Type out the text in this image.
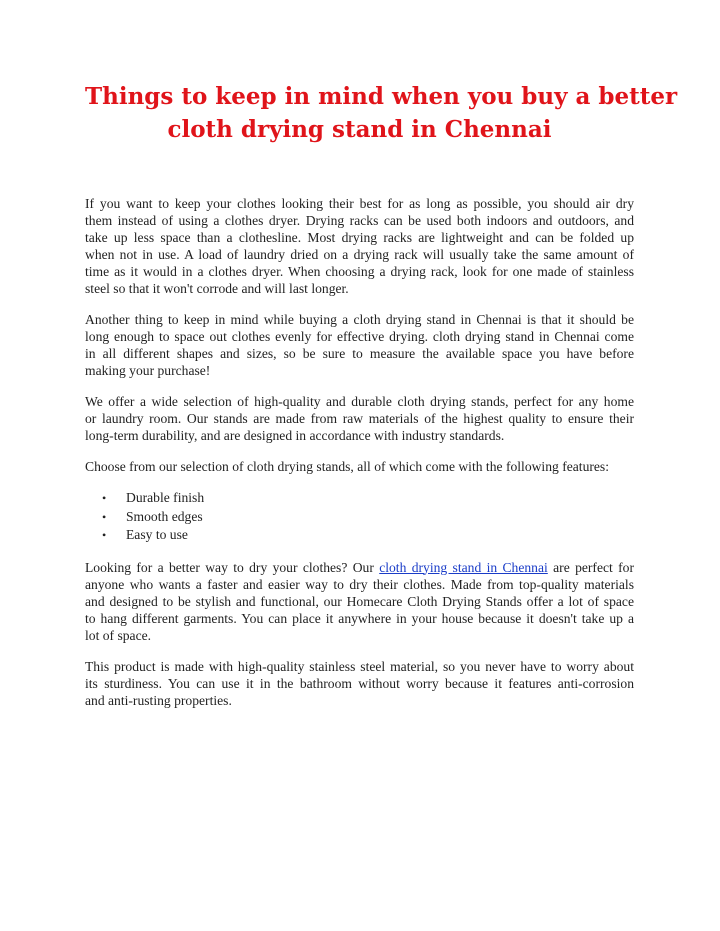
Things to keep in mind when you buy a better
cloth drying stand in Chennai

If you want to keep your clothes looking their best for as long as possible, you should air dry
them instead of using a clothes dryer. Drying racks can be used both indoors and outdoors, and
take up less space than a clothesline. Most drying racks are lightweight and can be folded up
when not in use. A load of laundry dried on a drying rack will usually take the same amount of
time as it would in a clothes dryer. When choosing a drying rack, look for one made of stainless
steel so that it won't corrode and will last longer.

Another thing to keep in mind while buying a cloth drying stand in Chennai is that it should be
long enough to space out clothes evenly for effective drying. cloth drying stand in Chennai come
in all different shapes and sizes, so be sure to measure the available space you have before
making your purchase!

We offer a wide selection of high-quality and durable cloth drying stands, perfect for any home
or laundry room. Our stands are made from raw materials of the highest quality to ensure their
long-term durability, and are designed in accordance with industry standards.

Choose from our selection of cloth drying stands, all of which come with the following features:

• Durable finish
• Smooth edges
• Easy to use

Looking for a better way to dry your clothes? Our cloth drying stand in Chennai are perfect for
anyone who wants a faster and easier way to dry their clothes. Made from top-quality materials
and designed to be stylish and functional, our Homecare Cloth Drying Stands offer a lot of space
to hang different garments. You can place it anywhere in your house because it doesn't take up a
lot of space.

This product is made with high-quality stainless steel material, so you never have to worry about
its sturdiness. You can use it in the bathroom without worry because it features anti-corrosion
and anti-rusting properties.
